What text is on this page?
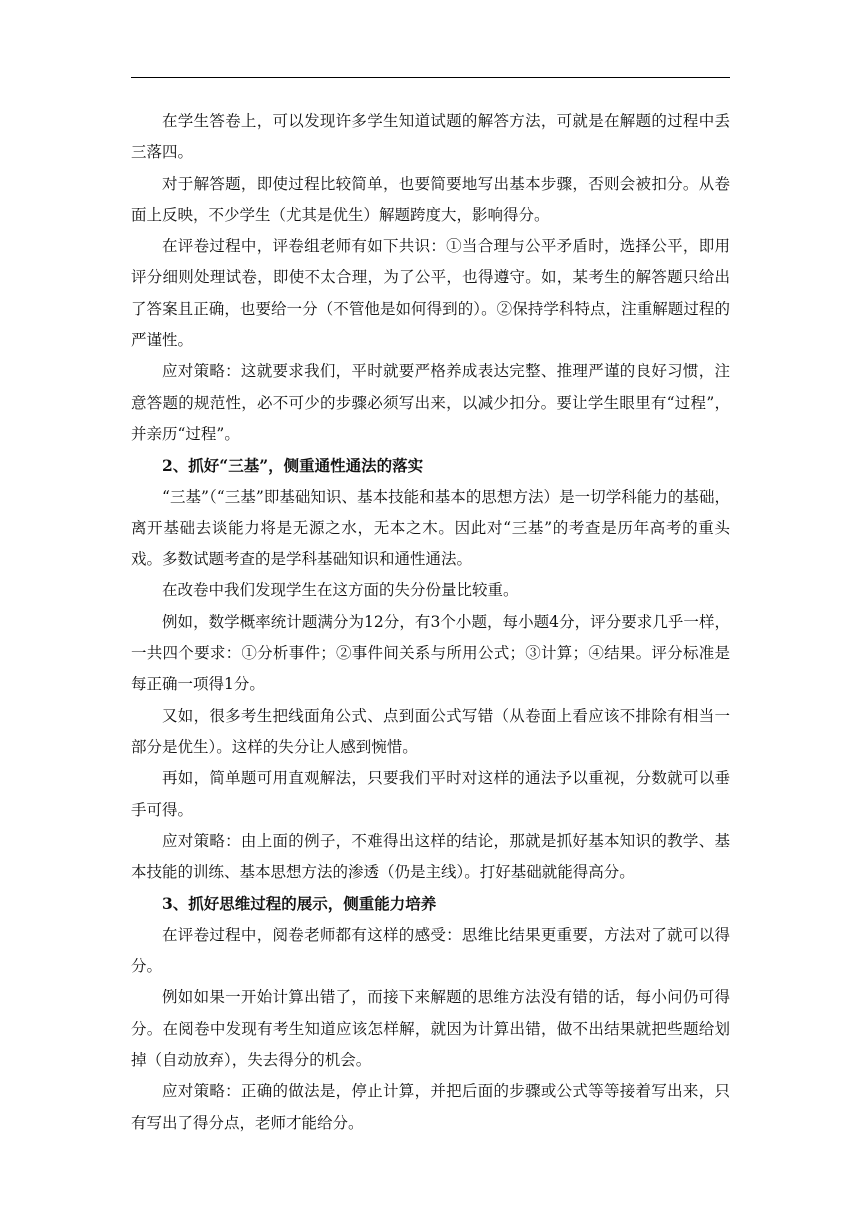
在学生答卷上，可以发现许多学生知道试题的解答方法，可就是在解题的过程中丢三落四。

对于解答题，即使过程比较简单，也要简要地写出基本步骤，否则会被扣分。从卷面上反映，不少学生（尤其是优生）解题跨度大，影响得分。

在评卷过程中，评卷组老师有如下共识：①当合理与公平矛盾时，选择公平，即用评分细则处理试卷，即使不太合理，为了公平，也得遵守。如，某考生的解答题只给出了答案且正确，也要给一分（不管他是如何得到的）。②保持学科特点，注重解题过程的严谨性。

应对策略：这就要求我们，平时就要严格养成表达完整、推理严谨的良好习惯，注意答题的规范性，必不可少的步骤必须写出来，以减少扣分。要让学生眼里有“过程”，并亲历“过程”。

2、抓好“三基”，侧重通性通法的落实

“三基”（“三基”即基础知识、基本技能和基本的思想方法）是一切学科能力的基础，离开基础去谈能力将是无源之水，无本之木。因此对“三基”的考查是历年高考的重头戏。多数试题考查的是学科基础知识和通性通法。

在改卷中我们发现学生在这方面的失分份量比较重。

例如，数学概率统计题满分为12分，有3个小题，每小题4分，评分要求几乎一样，一共四个要求：①分析事件；②事件间关系与所用公式；③计算；④结果。评分标准是每正确一项得1分。

又如，很多考生把线面角公式、点到面公式写错（从卷面上看应该不排除有相当一部分是优生）。这样的失分让人感到惋惜。

再如，简单题可用直观解法，只要我们平时对这样的通法予以重视，分数就可以垂手可得。

应对策略：由上面的例子，不难得出这样的结论，那就是抓好基本知识的教学、基本技能的训练、基本思想方法的渗透（仍是主线）。打好基础就能得高分。

3、抓好思维过程的展示，侧重能力培养

在评卷过程中，阅卷老师都有这样的感受：思维比结果更重要，方法对了就可以得分。

例如如果一开始计算出错了，而接下来解题的思维方法没有错的话，每小问仍可得分。在阅卷中发现有考生知道应该怎样解，就因为计算出错，做不出结果就把些题给划掉（自动放弃），失去得分的机会。

应对策略：正确的做法是，停止计算，并把后面的步骤或公式等等接着写出来，只有写出了得分点，老师才能给分。
